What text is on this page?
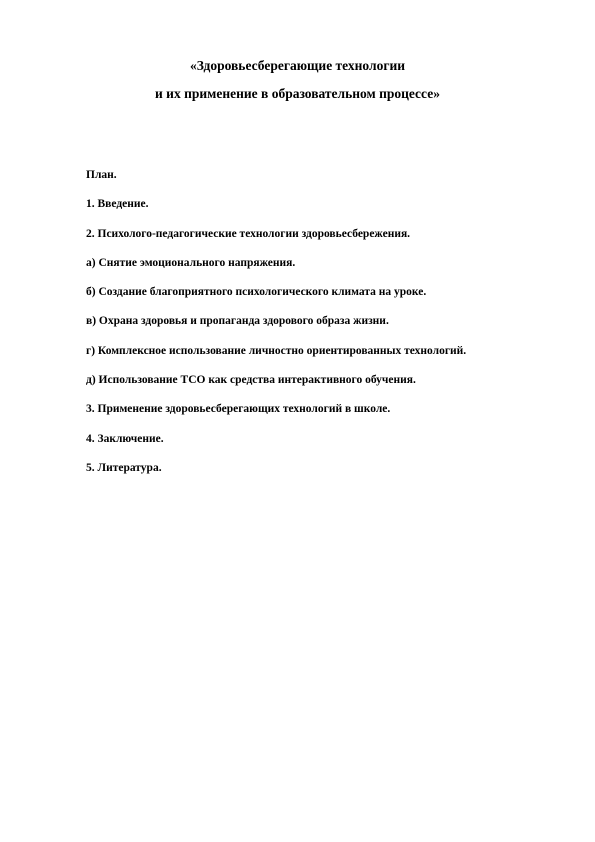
«Здоровьесберегающие технологии
и их применение в образовательном процессе»
План.
1. Введение.
2. Психолого-педагогические технологии здоровьесбережения.
а) Снятие эмоционального напряжения.
б) Создание благоприятного психологического климата на уроке.
в) Охрана здоровья и пропаганда здорового образа жизни.
г) Комплексное использование личностно ориентированных технологий.
д) Использование ТСО как средства интерактивного обучения.
3. Применение здоровьесберегающих технологий в школе.
4. Заключение.
5. Литература.
